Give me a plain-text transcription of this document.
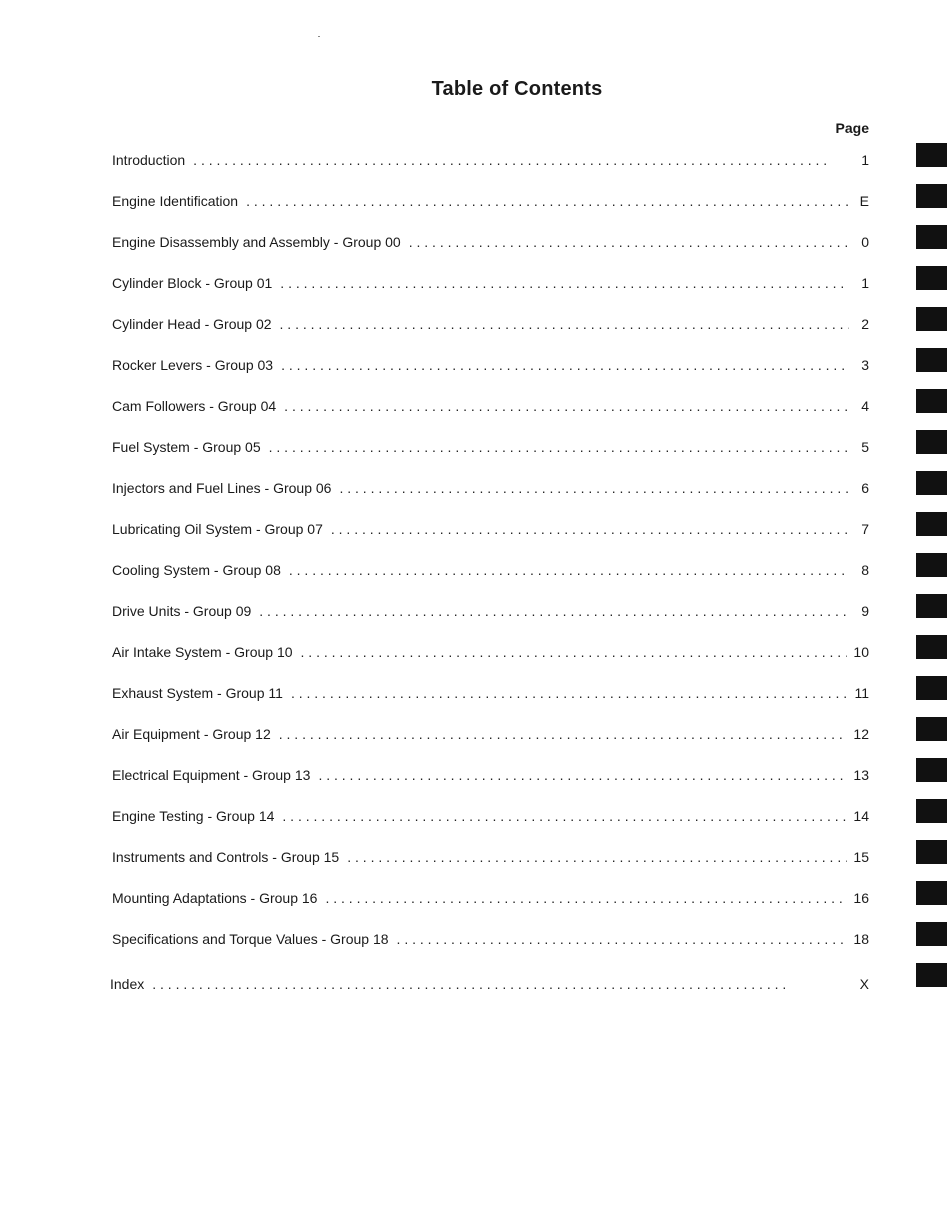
Table of Contents
Page
Introduction . . .	1
Engine Identification . . .	E
Engine Disassembly and Assembly - Group 00 . . .	0
Cylinder Block - Group 01 . . .	1
Cylinder Head - Group 02 . . .	2
Rocker Levers - Group 03 . . .	3
Cam Followers - Group 04 . . .	4
Fuel System - Group 05 . . .	5
Injectors and Fuel Lines - Group 06 . . .	6
Lubricating Oil System - Group 07 . . .	7
Cooling System - Group 08 . . .	8
Drive Units - Group 09 . . .	9
Air Intake System - Group 10 . . .	10
Exhaust System - Group 11 . . .	11
Air Equipment - Group 12 . . .	12
Electrical Equipment - Group 13 . . .	13
Engine Testing - Group 14 . . .	14
Instruments and Controls - Group 15 . . .	15
Mounting Adaptations - Group 16 . . .	16
Specifications and Torque Values - Group 18 . . .	18
Index . . .	X
